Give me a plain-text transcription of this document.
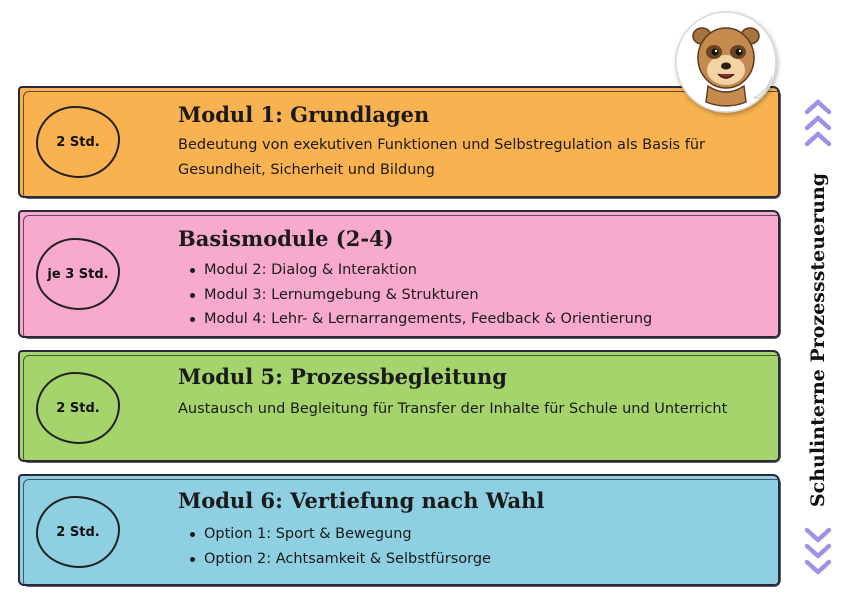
2 Std.
Modul 1: Grundlagen

Bedeutung von exekutiven Funktionen und Selbstregulation als Basis für Gesundheit, Sicherheit und Bildung

je 3 Std.
Basismodule (2-4)
Modul 2: Dialog & Interaktion
Modul 3: Lernumgebung & Strukturen
Modul 4: Lehr- & Lernarrangements, Feedback & Orientierung
2 Std.
Modul 5: Prozessbegleitung

Austausch und Begleitung für Transfer der Inhalte für Schule und Unterricht

2 Std.
Modul 6: Vertiefung nach Wahl
Option 1: Sport & Bewegung
Option 2: Achtsamkeit & Selbstfürsorge
Schulinterne Prozesssteuerung
